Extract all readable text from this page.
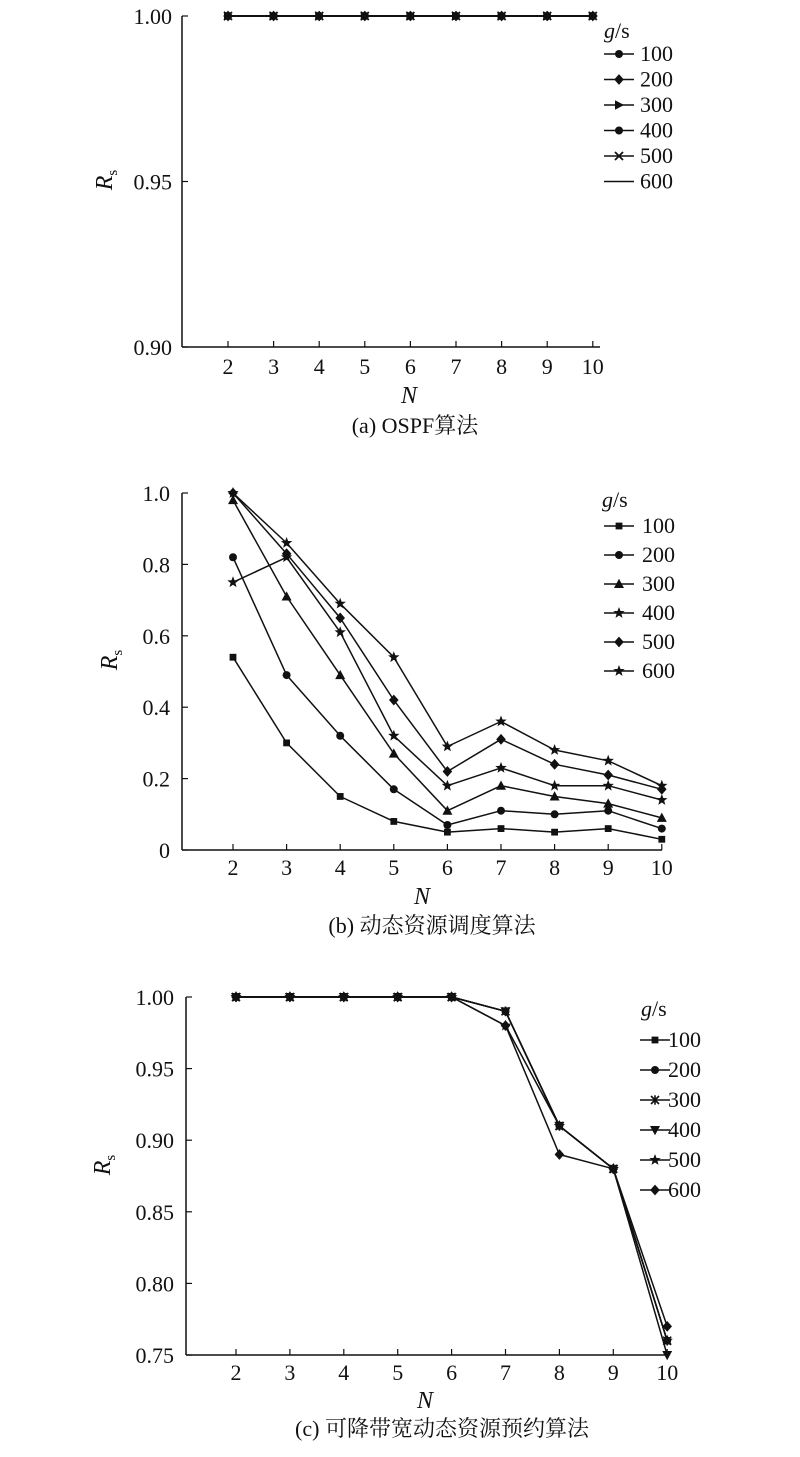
0.90
0.95
1.00
2 3 4 5 6 7 8 9 10
$R_s$
N
(a) OSPF算法
g/s
100
200
300
400
500
600
0
0.2
0.4
0.6
0.8
1.0
2 3 4 5 6 7 8 9 10
$R_s$
N
(b) 动态资源调度算法
g/s
100
200
300
400
500
600
0.75
0.80
0.85
0.90
0.95
1.00
2 3 4 5 6 7 8 9 10
$R_s$
N
(c) 可降带宽动态资源预约算法
g/s
100
200
300
400
500
600
